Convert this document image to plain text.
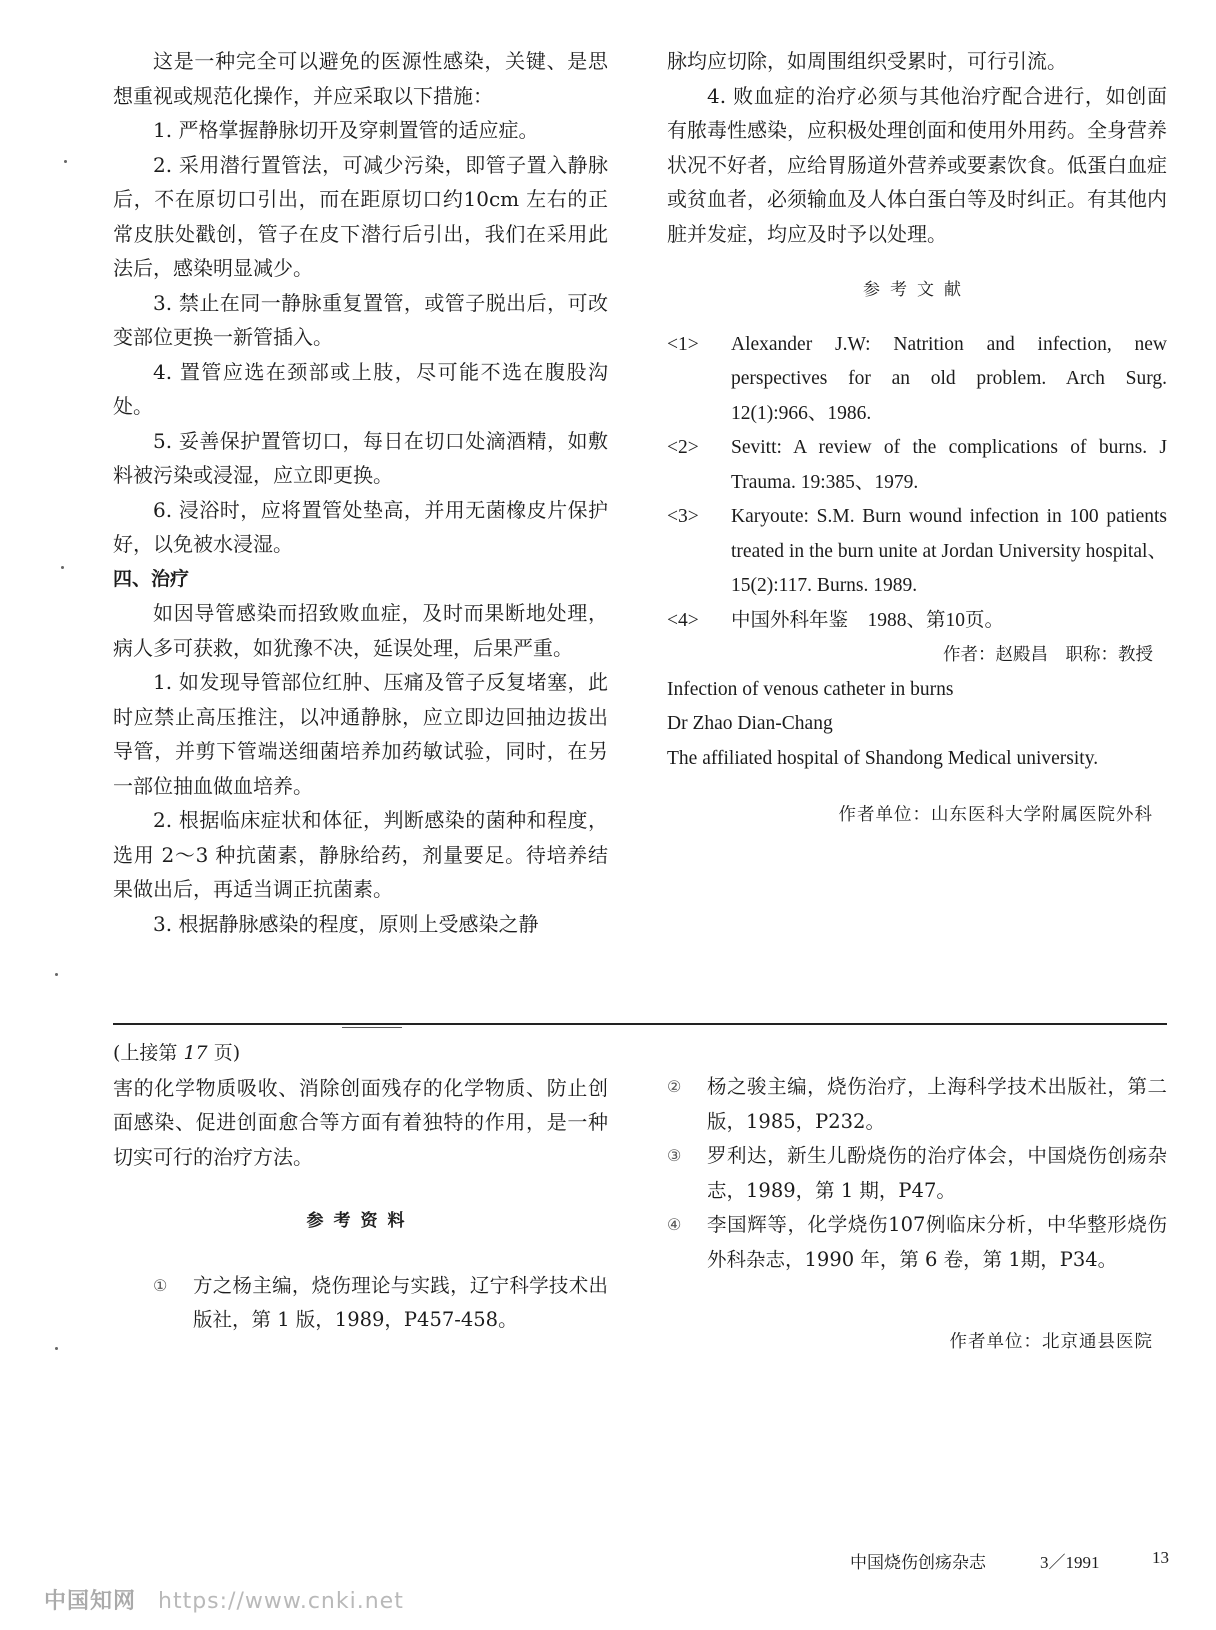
这是一种完全可以避免的医源性感染，关键、是思想重视或规范化操作，并应采取以下措施：

1. 严格掌握静脉切开及穿刺置管的适应症。

2. 采用潜行置管法，可减少污染，即管子置入静脉后，不在原切口引出，而在距原切口约10cm 左右的正常皮肤处戳创，管子在皮下潜行后引出，我们在采用此法后，感染明显减少。

3. 禁止在同一静脉重复置管，或管子脱出后，可改变部位更换一新管插入。

4. 置管应选在颈部或上肢，尽可能不选在腹股沟处。

5. 妥善保护置管切口，每日在切口处滴酒精，如敷料被污染或浸湿，应立即更换。

6. 浸浴时，应将置管处垫高，并用无菌橡皮片保护好，以免被水浸湿。

四、治疗

如因导管感染而招致败血症，及时而果断地处理，病人多可获救，如犹豫不决，延误处理，后果严重。

1. 如发现导管部位红肿、压痛及管子反复堵塞，此时应禁止高压推注，以冲通静脉，应立即边回抽边拔出导管，并剪下管端送细菌培养加药敏试验，同时，在另一部位抽血做血培养。

2. 根据临床症状和体征，判断感染的菌种和程度，选用 2～3 种抗菌素，静脉给药，剂量要足。待培养结果做出后，再适当调正抗菌素。

3. 根据静脉感染的程度，原则上受感染之静

脉均应切除，如周围组织受累时，可行引流。

4. 败血症的治疗必须与其他治疗配合进行，如创面有脓毒性感染，应积极处理创面和使用外用药。全身营养状况不好者，应给胃肠道外营养或要素饮食。低蛋白血症或贫血者，必须输血及人体白蛋白等及时纠正。有其他内脏并发症，均应及时予以处理。

参考文献

<1>	Alexander J.W: Natrition and infection, new perspectives for an old problem. Arch Surg. 12(1):966、1986.
<2>	Sevitt: A review of the complications of burns. J Trauma. 19:385、1979.
<3>	Karyoute: S.M. Burn wound infection in 100 patients treated in the burn unite at Jordan University hospital、15(2):117. Burns. 1989.
<4>	中国外科年鉴　1988、第10页。

作者：赵殿昌　职称：教授

Infection of venous catheter in burns

Dr Zhao Dian-Chang

The affiliated hospital of Shandong Medical university.

作者单位：山东医科大学附属医院外科

(上接第 17 页)

害的化学物质吸收、消除创面残存的化学物质、防止创面感染、促进创面愈合等方面有着独特的作用，是一种切实可行的治疗方法。

参考资料

①	方之杨主编，烧伤理论与实践，辽宁科学技术出版社，第 1 版，1989，P457-458。
②	杨之骏主编，烧伤治疗，上海科学技术出版社，第二版，1985，P232。
③	罗利达，新生儿酚烧伤的治疗体会，中国烧伤创疡杂志，1989，第 1 期，P47。
④	李国辉等，化学烧伤107例临床分析，中华整形烧伤外科杂志，1990 年，第 6 卷，第 1期，P34。

作者单位：北京通县医院

中国烧伤创疡杂志	3／1991	13
中国知网 https://www.cnki.net
